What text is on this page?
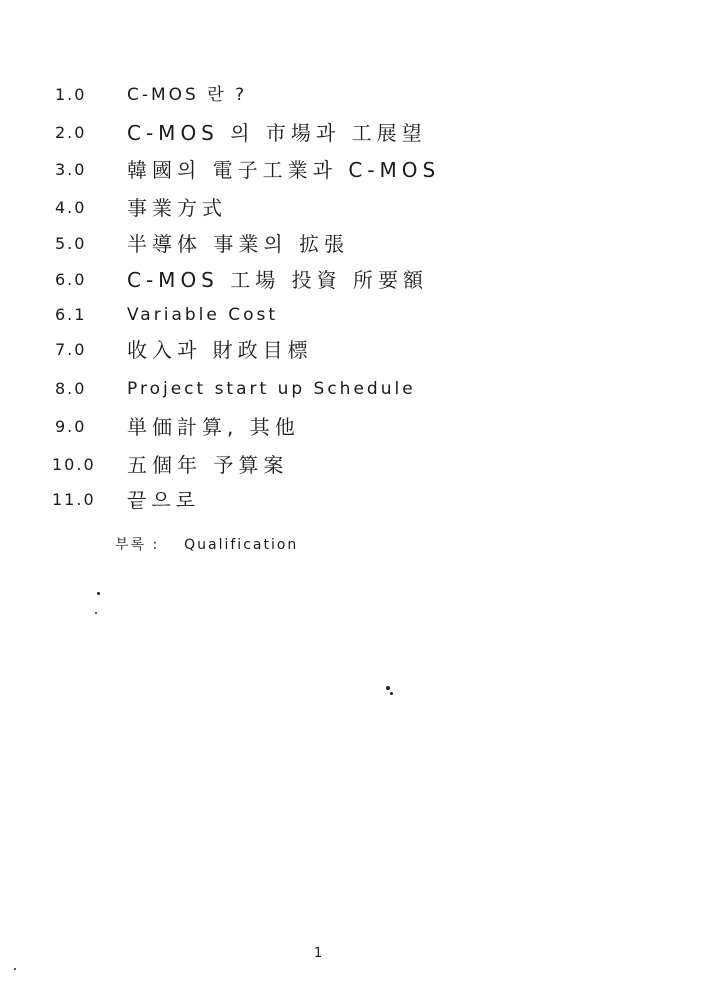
1.0 C-MOS 란 ?
2.0 C-MOS 의 市場과 工展望
3.0 韓國의 電子工業과 C-MOS
4.0 事業方式
5.0 半導体 事業의 拡張
6.0 C-MOS 工場 投資 所要額
6.1 Variable Cost
7.0 收入과 財政目標
8.0 Project start up Schedule
9.0 単価計算, 其他
10.0 五個年 予算案
11.0 끝으로
부록 : Qualification
1
